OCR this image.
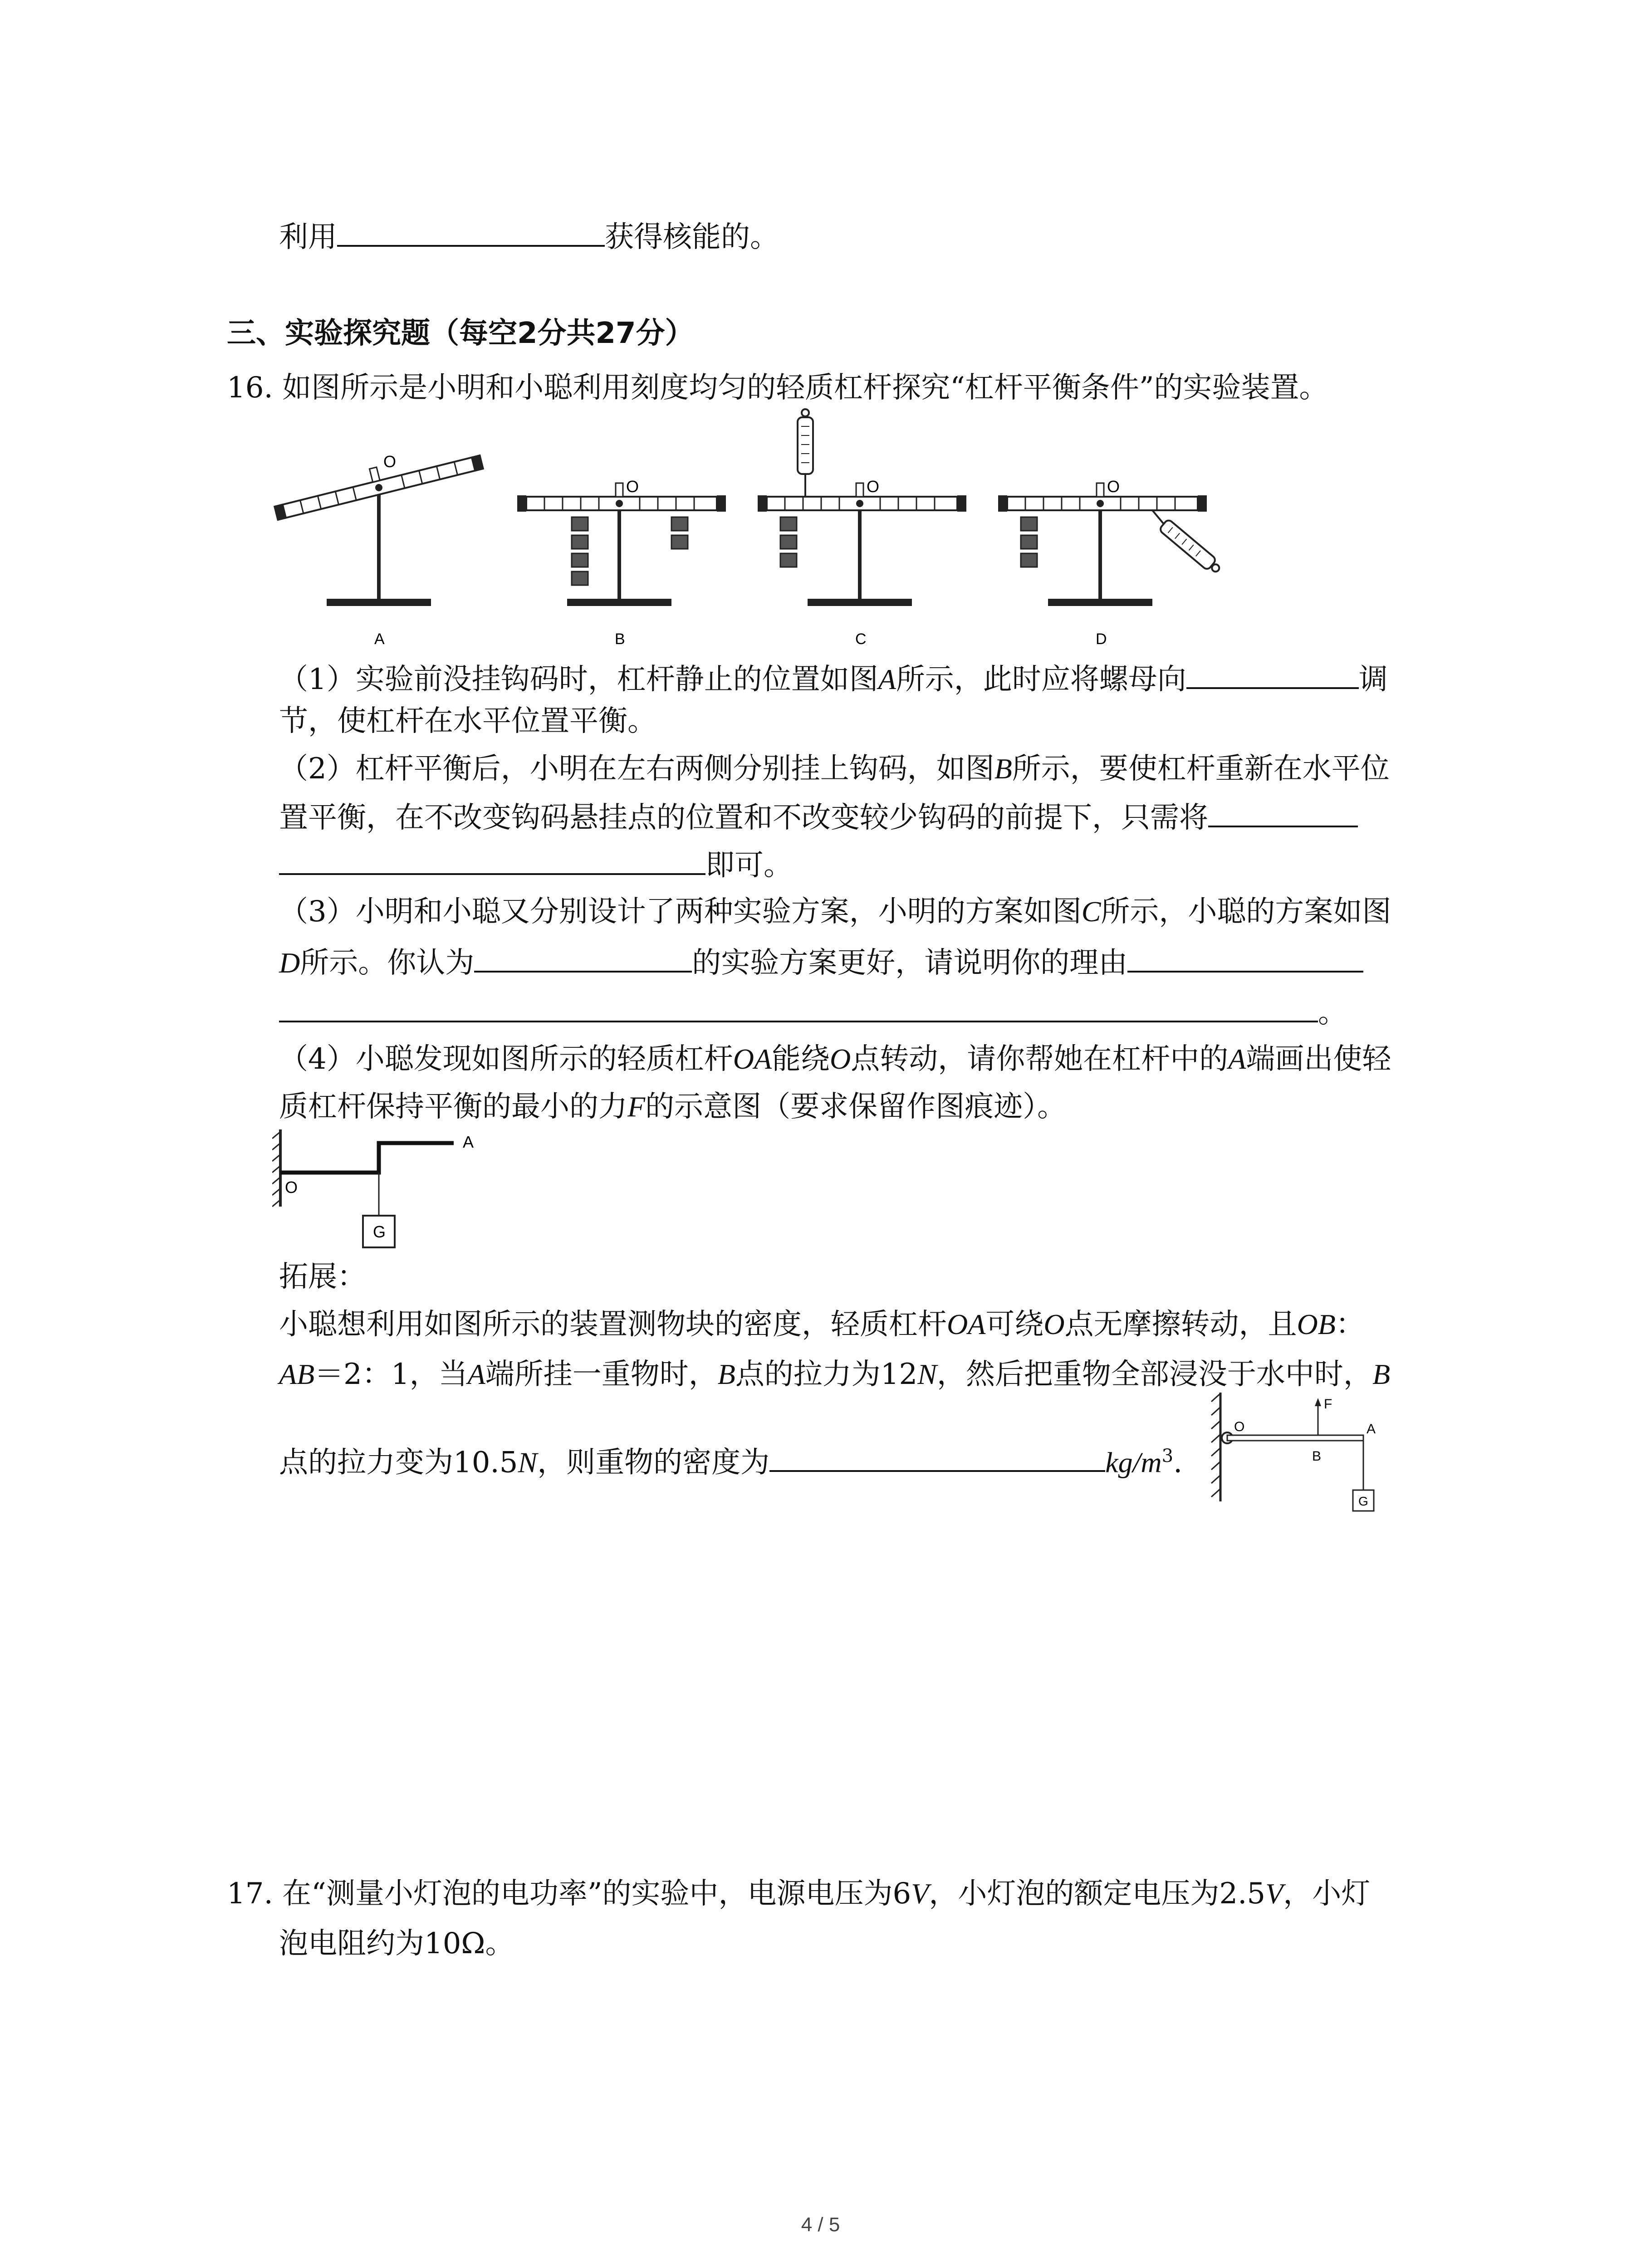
利用	获得核能的。
三、实验探究题（每空2分共27分）
16. 如图所示是小明和小聪利用刻度均匀的轻质杠杆探究“杠杆平衡条件”的实验装置。
O
A
O
B
O
C
O
D
（1）实验前没挂钩码时，杠杆静止的位置如图A所示，此时应将螺母向	调
节，使杠杆在水平位置平衡。
（2）杠杆平衡后，小明在左右两侧分别挂上钩码，如图B所示，要使杠杆重新在水平位
置平衡，在不改变钩码悬挂点的位置和不改变较少钩码的前提下，只需将
即可。
（3）小明和小聪又分别设计了两种实验方案，小明的方案如图C所示，小聪的方案如图
D所示。你认为	的实验方案更好，请说明你的理由
。
（4）小聪发现如图所示的轻质杠杆OA能绕O点转动，请你帮她在杠杆中的A端画出使轻
质杠杆保持平衡的最小的力F的示意图（要求保留作图痕迹）。
G
O
A
拓展：
小聪想利用如图所示的装置测物块的密度，轻质杠杆OA可绕O点无摩擦转动，且OB：
AB＝2：1，当A端所挂一重物时，B点的拉力为12N，然后把重物全部浸没于水中时，B
点的拉力变为10.5N，则重物的密度为	$kg/m^3$.
F
O
B
A
G
17. 在“测量小灯泡的电功率”的实验中，电源电压为6V，小灯泡的额定电压为2.5V，小灯
泡电阻约为10Ω。
4 / 5
